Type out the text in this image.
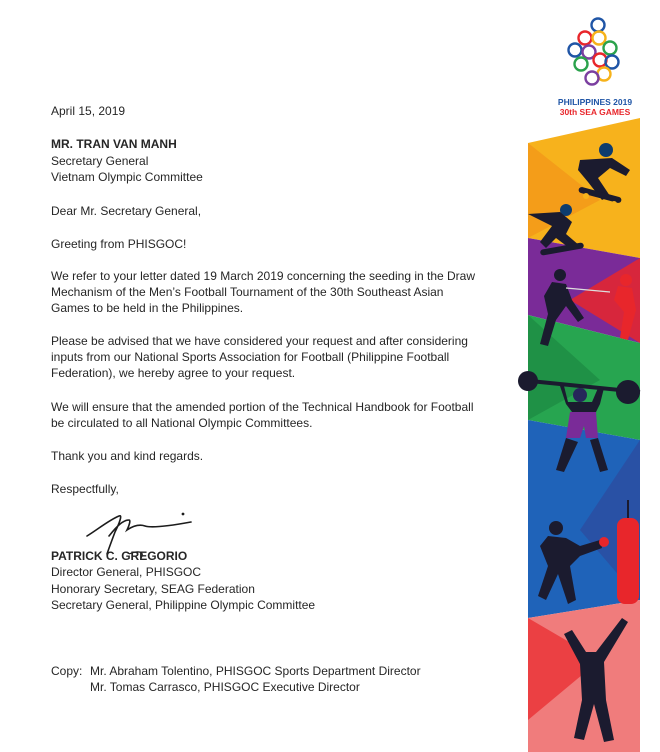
PHILIPPINES 2019
30th SEA GAMES
April 15, 2019
MR. TRAN VAN MANH
Secretary General
Vietnam Olympic Committee
Dear Mr. Secretary General,
Greeting from PHISGOC!
We refer to your letter dated 19 March 2019 concerning the seeding in the Draw
Mechanism of the Men’s Football Tournament of the 30th Southeast Asian
Games to be held in the Philippines.
Please be advised that we have considered your request and after considering
inputs from our National Sports Association for Football (Philippine Football
Federation), we hereby agree to your request.
We will ensure that the amended portion of the Technical Handbook for Football
be circulated to all National Olympic Committees.
Thank you and kind regards.
Respectfully,
PATRICK C. GREGORIO
Director General, PHISGOC
Honorary Secretary, SEAG Federation
Secretary General, Philippine Olympic Committee
Copy: Mr. Abraham Tolentino, PHISGOC Sports Department Director
Mr. Tomas Carrasco, PHISGOC Executive Director
